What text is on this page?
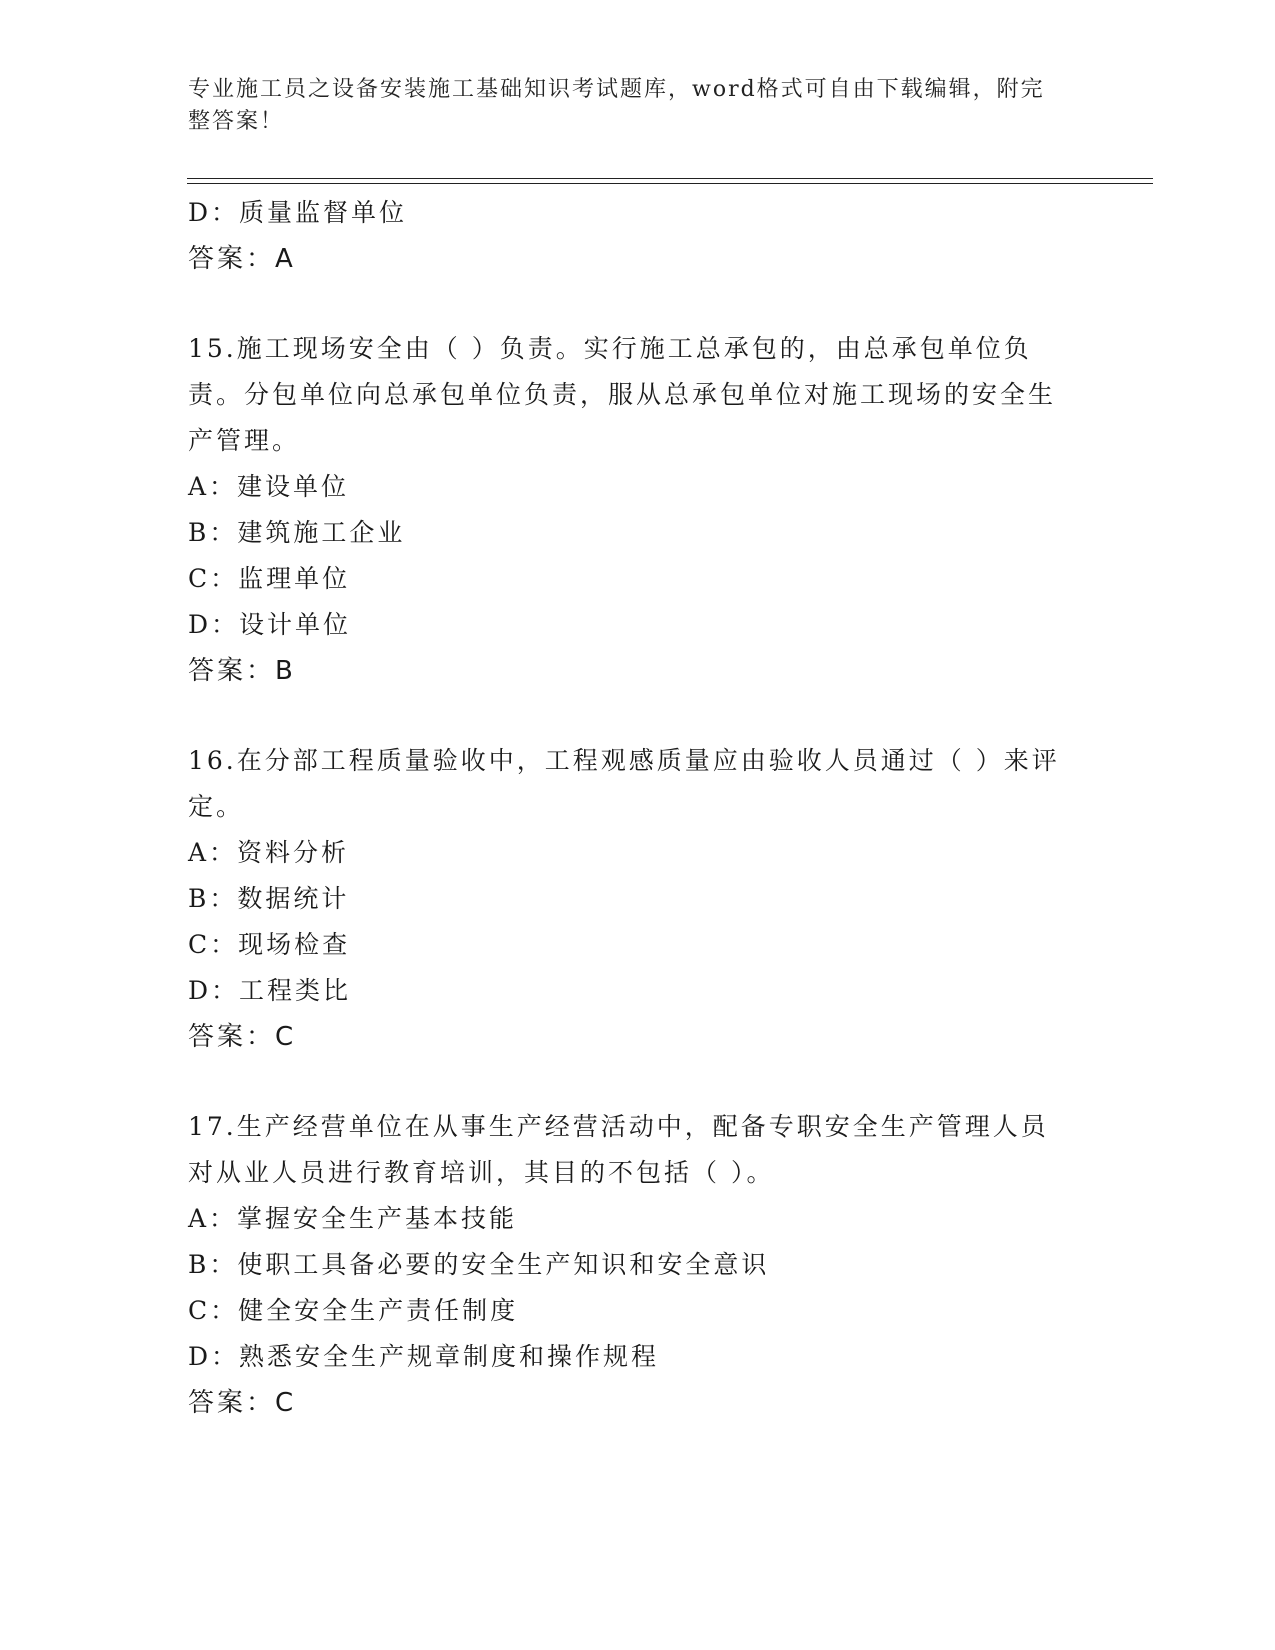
专业施工员之设备安装施工基础知识考试题库，word格式可自由下载编辑，附完整答案！
D：质量监督单位
答案：A
15.施工现场安全由（ ）负责。实行施工总承包的，由总承包单位负责。分包单位向总承包单位负责，服从总承包单位对施工现场的安全生产管理。
A：建设单位
B：建筑施工企业
C：监理单位
D：设计单位
答案：B
16.在分部工程质量验收中，工程观感质量应由验收人员通过（ ）来评定。
A：资料分析
B：数据统计
C：现场检查
D：工程类比
答案：C
17.生产经营单位在从事生产经营活动中，配备专职安全生产管理人员对从业人员进行教育培训，其目的不包括（ ）。
A：掌握安全生产基本技能
B：使职工具备必要的安全生产知识和安全意识
C：健全安全生产责任制度
D：熟悉安全生产规章制度和操作规程
答案：C
